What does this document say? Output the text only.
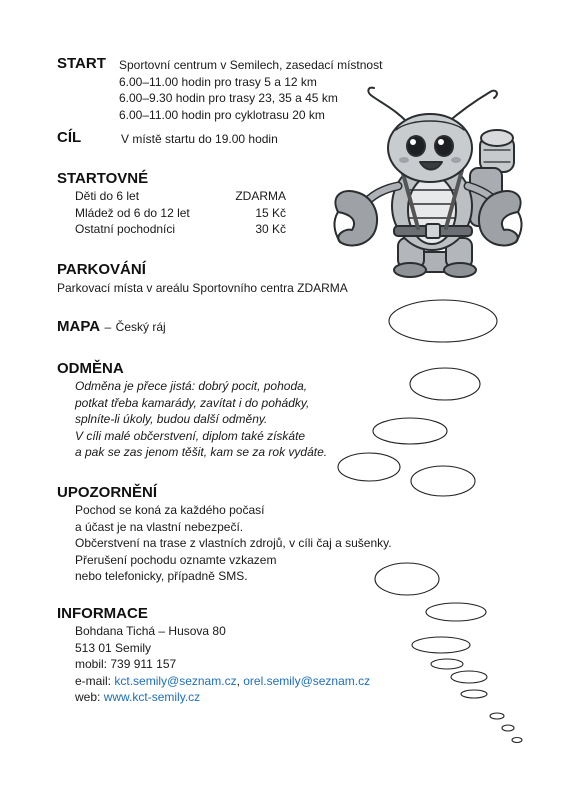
START Sportovní centrum v Semilech, zasedací místnost
6.00–11.00 hodin pro trasy 5 a 12 km
6.00–9.30 hodin pro trasy 23, 35 a 45 km
6.00–11.00 hodin pro cyklotrasu 20 km
CÍL	V místě startu do 19.00 hodin
STARTOVNÉ
Děti do 6 let	ZDARMA
Mládež od 6 do 12 let	15 Kč
Ostatní pochodníci	30 Kč
PARKOVÁNÍ
Parkovací místa v areálu Sportovního centra ZDARMA
MAPA – Český ráj
ODMĚNA
Odměna je přece jistá: dobrý pocit, pohoda,
potkat třeba kamarády, zavítat i do pohádky,
splníte-li úkoly, budou další odměny.
V cíli malé občerstvení, diplom také získáte
a pak se zas jenom těšit, kam se za rok vydáte.
UPOZORNĚNÍ
Pochod se koná za každého počasí
a účast je na vlastní nebezpečí.
Občerstvení na trase z vlastních zdrojů, v cíli čaj a sušenky.
Přerušení pochodu oznamte vzkazem
nebo telefonicky, případně SMS.
INFORMACE
Bohdana Tichá – Husova 80
513 01 Semily
mobil: 739 911 157
e-mail: kct.semily@seznam.cz, orel.semily@seznam.cz
web: www.kct-semily.cz
